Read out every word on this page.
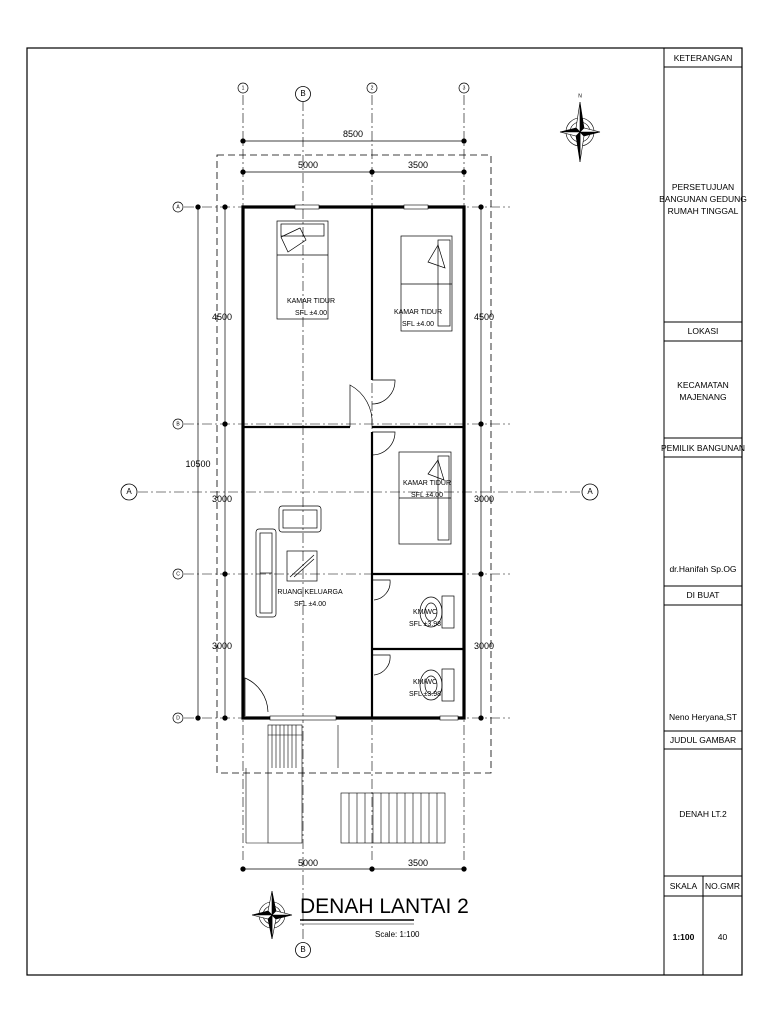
KETERANGAN
PERSETUJUAN
BANGUNAN GEDUNG
RUMAH TINGGAL
LOKASI
KECAMATAN
MAJENANG
PEMILIK BANGUNAN
dr.Hanifah Sp.OG
DI BUAT
Neno Heryana,ST
JUDUL GAMBAR
DENAH LT.2
SKALA NO.GMR
1:100	40
1
B
2	3
B
A
B
C
D
A	A
8500
5000	3500
5000	3500
10500
4500
3000
3000
4500
3000
3000
KAMAR TIDUR
SFL ±4.00	KAMAR TIDUR
SFL ±4.00
KAMAR TIDUR
SFL ±4.00
RUANG KELUARGA
SFL ±4.00
KM/WC
SFL ±3.98
KM/WC
SFL ±3.98
N
DENAH LANTAI 2
Scale: 1:100
